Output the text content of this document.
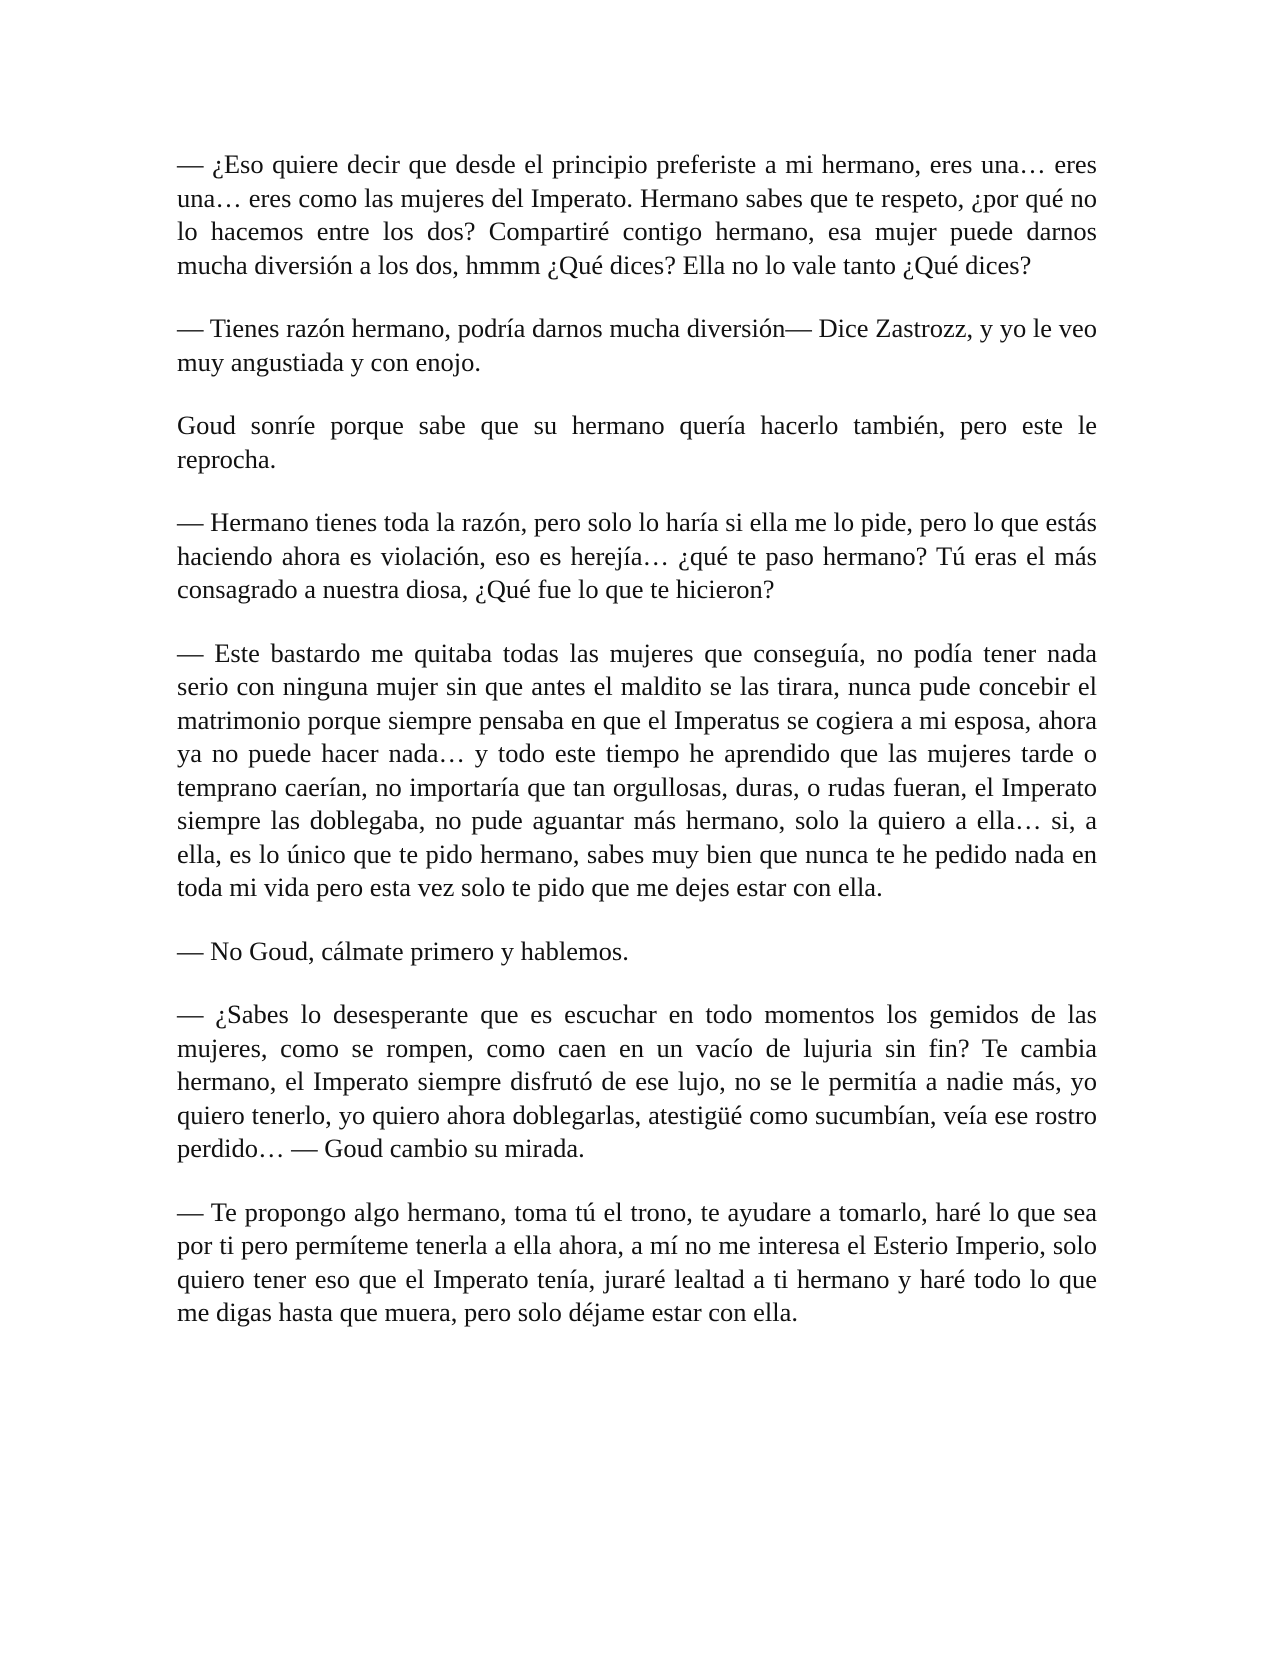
— ¿Eso quiere decir que desde el principio preferiste a mi hermano, eres una… eres una… eres como las mujeres del Imperato. Hermano sabes que te respeto, ¿por qué no lo hacemos entre los dos? Compartiré contigo hermano, esa mujer puede darnos mucha diversión a los dos, hmmm ¿Qué dices? Ella no lo vale tanto ¿Qué dices?

— Tienes razón hermano, podría darnos mucha diversión— Dice Zastrozz, y yo le veo muy angustiada y con enojo.

Goud sonríe porque sabe que su hermano quería hacerlo también, pero este le reprocha.

— Hermano tienes toda la razón, pero solo lo haría si ella me lo pide, pero lo que estás haciendo ahora es violación, eso es herejía… ¿qué te paso hermano? Tú eras el más consagrado a nuestra diosa, ¿Qué fue lo que te hicieron?

— Este bastardo me quitaba todas las mujeres que conseguía, no podía tener nada serio con ninguna mujer sin que antes el maldito se las tirara, nunca pude concebir el matrimonio porque siempre pensaba en que el Imperatus se cogiera a mi esposa, ahora ya no puede hacer nada… y todo este tiempo he aprendido que las mujeres tarde o temprano caerían, no importaría que tan orgullosas, duras, o rudas fueran, el Imperato siempre las doblegaba, no pude aguantar más hermano, solo la quiero a ella… si, a ella, es lo único que te pido hermano, sabes muy bien que nunca te he pedido nada en toda mi vida pero esta vez solo te pido que me dejes estar con ella.

— No Goud, cálmate primero y hablemos.

— ¿Sabes lo desesperante que es escuchar en todo momentos los gemidos de las mujeres, como se rompen, como caen en un vacío de lujuria sin fin? Te cambia hermano, el Imperato siempre disfrutó de ese lujo, no se le permitía a nadie más, yo quiero tenerlo, yo quiero ahora doblegarlas, atestigüé como sucumbían, veía ese rostro perdido… — Goud cambio su mirada.

— Te propongo algo hermano, toma tú el trono, te ayudare a tomarlo, haré lo que sea por ti pero permíteme tenerla a ella ahora, a mí no me interesa el Esterio Imperio, solo quiero tener eso que el Imperato tenía, juraré lealtad a ti hermano y haré todo lo que me digas hasta que muera, pero solo déjame estar con ella.
